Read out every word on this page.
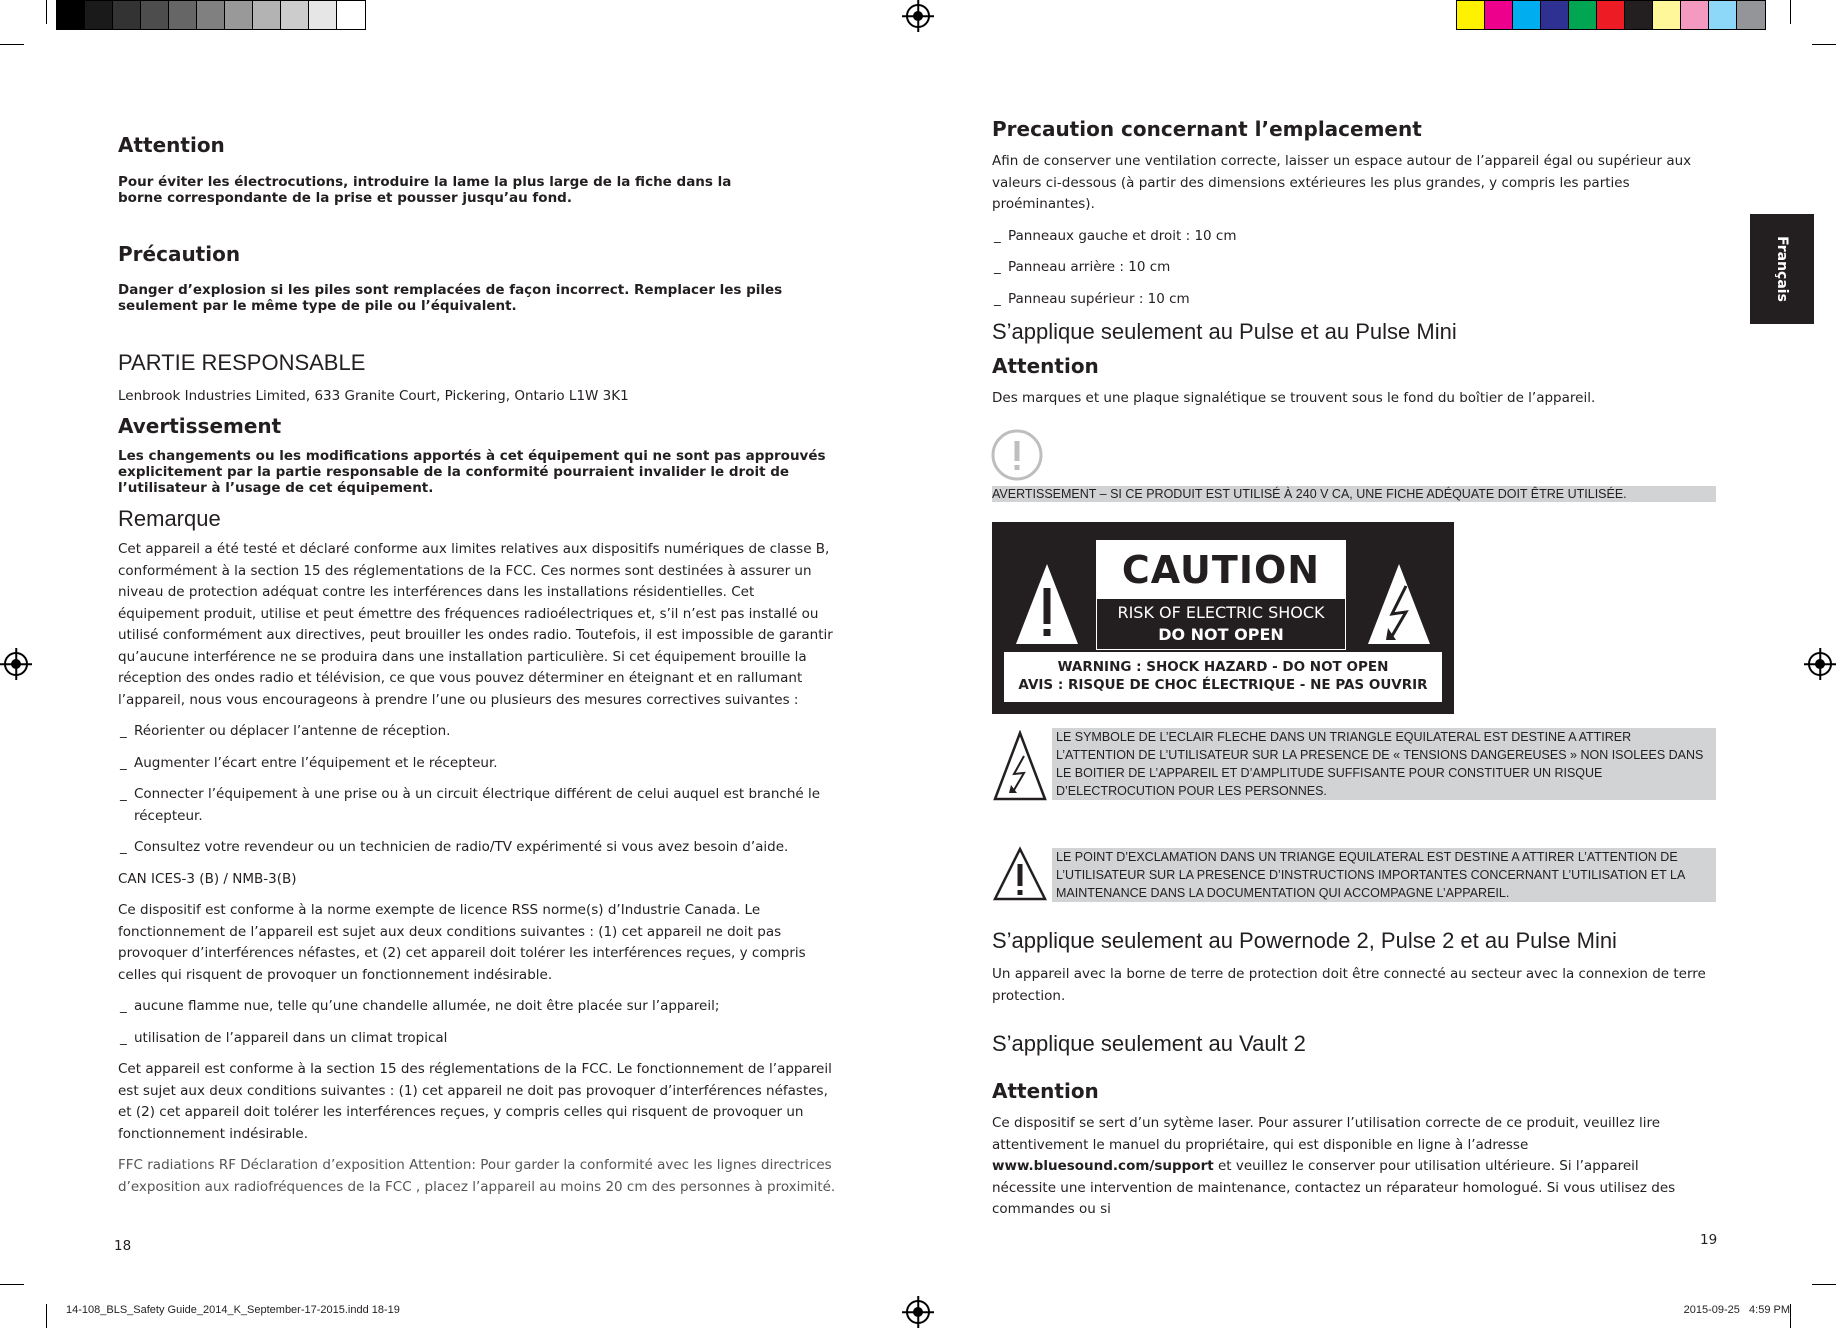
14-108_BLS_Safety Guide_2014_K_September-17-2015.indd 18-19	2015-09-25   4:59 PM
Français
Attention
Pour éviter les électrocutions, introduire la lame la plus large de la fiche dans la borne correspondante de la prise et pousser jusqu’au fond.
Précaution
Danger d’explosion si les piles sont remplacées de façon incorrect. Remplacer les piles seulement par le même type de pile ou l’équivalent.
PARTIE RESPONSABLE
Lenbrook Industries Limited, 633 Granite Court, Pickering, Ontario L1W 3K1
Avertissement
Les changements ou les modifications apportés à cet équipement qui ne sont pas approuvés explicitement par la partie responsable de la conformité pourraient invalider le droit de l’utilisateur à l’usage de cet équipement.
Remarque

Cet appareil a été testé et déclaré conforme aux limites relatives aux dispositifs numériques de classe B, conformément à la section 15 des réglementations de la FCC. Ces normes sont destinées à assurer un niveau de protection adéquat contre les interférences dans les installations résidentielles. Cet équipement produit, utilise et peut émettre des fréquences radioélectriques et, s’il n’est pas installé ou utilisé conformément aux directives, peut brouiller les ondes radio. Toutefois, il est impossible de garantir qu’aucune interférence ne se produira dans une installation particulière. Si cet équipement brouille la réception des ondes radio et télévision, ce que vous pouvez déterminer en éteignant et en rallumant l’appareil, nous vous encourageons à prendre l’une ou plusieurs des mesures correctives suivantes :

_ Réorienter ou déplacer l’antenne de réception.

_ Augmenter l’écart entre l’équipement et le récepteur.

_ Connecter l’équipement à une prise ou à un circuit électrique différent de celui auquel est branché le récepteur.

_ Consultez votre revendeur ou un technicien de radio/TV expérimenté si vous avez besoin d’aide.

CAN ICES-3 (B) / NMB-3(B)

Ce dispositif est conforme à la norme exempte de licence RSS norme(s) d’Industrie Canada. Le fonctionnement de l’appareil est sujet aux deux conditions suivantes : (1) cet appareil ne doit pas provoquer d’interférences néfastes, et (2) cet appareil doit tolérer les interférences reçues, y compris celles qui risquent de provoquer un fonctionnement indésirable.

_ aucune flamme nue, telle qu’une chandelle allumée, ne doit être placée sur l’appareil;

_ utilisation de l’appareil dans un climat tropical

Cet appareil est conforme à la section 15 des réglementations de la FCC. Le fonctionnement de l’appareil est sujet aux deux conditions suivantes : (1) cet appareil ne doit pas provoquer d’interférences néfastes, et (2) cet appareil doit tolérer les interférences reçues, y compris celles qui risquent de provoquer un fonctionnement indésirable.

FFC radiations RF Déclaration d’exposition Attention: Pour garder la conformité avec les lignes directrices d’exposition aux radiofréquences de la FCC , placez l’appareil au moins 20 cm des personnes à proximité.

18
Precaution concernant l’emplacement

Afin de conserver une ventilation correcte, laisser un espace autour de l’appareil égal ou supérieur aux valeurs ci-dessous (à partir des dimensions extérieures les plus grandes, y compris les parties proéminantes).

_ Panneaux gauche et droit : 10 cm

_ Panneau arrière : 10 cm

_ Panneau supérieur : 10 cm

S’applique seulement au Pulse et au Pulse Mini
Attention
Des marques et une plaque signalétique se trouvent sous le fond du boîtier de l’appareil.
AVERTISSEMENT – SI CE PRODUIT EST UTILISÉ À 240 V CA, UNE FICHE ADÉQUATE DOIT ÊTRE UTILISÉE.
CAUTION
RISK OF ELECTRIC SHOCK
DO NOT OPEN
WARNING : SHOCK HAZARD - DO NOT OPEN
AVIS : RISQUE DE CHOC ÉLECTRIQUE - NE PAS OUVRIR
LE SYMBOLE DE L’ECLAIR FLECHE DANS UN TRIANGLE EQUILATERAL EST DESTINE A ATTIRER L’ATTENTION DE L’UTILISATEUR SUR LA PRESENCE DE « TENSIONS DANGEREUSES » NON ISOLEES DANS LE BOITIER DE L’APPAREIL ET D’AMPLITUDE SUFFISANTE POUR CONSTITUER UN RISQUE D’ELECTROCUTION POUR LES PERSONNES.
LE POINT D’EXCLAMATION DANS UN TRIANGE EQUILATERAL EST DESTINE A ATTIRER L’ATTENTION DE L’UTILISATEUR SUR LA PRESENCE D’INSTRUCTIONS IMPORTANTES CONCERNANT L’UTILISATION ET LA MAINTENANCE DANS LA DOCUMENTATION QUI ACCOMPAGNE L’APPAREIL.
S’applique seulement au Powernode 2, Pulse 2 et au Pulse Mini
Un appareil avec la borne de terre de protection doit être connecté au secteur avec la connexion de terre protection.
S’applique seulement au Vault 2
Attention
Ce dispositif se sert d’un sytème laser. Pour assurer l’utilisation correcte de ce produit, veuillez lire attentivement le manuel du propriétaire, qui est disponible en ligne à l’adresse www.bluesound.com/support et veuillez le conserver pour utilisation ultérieure. Si l’appareil nécessite une intervention de maintenance, contactez un réparateur homologué. Si vous utilisez des commandes ou si
19
